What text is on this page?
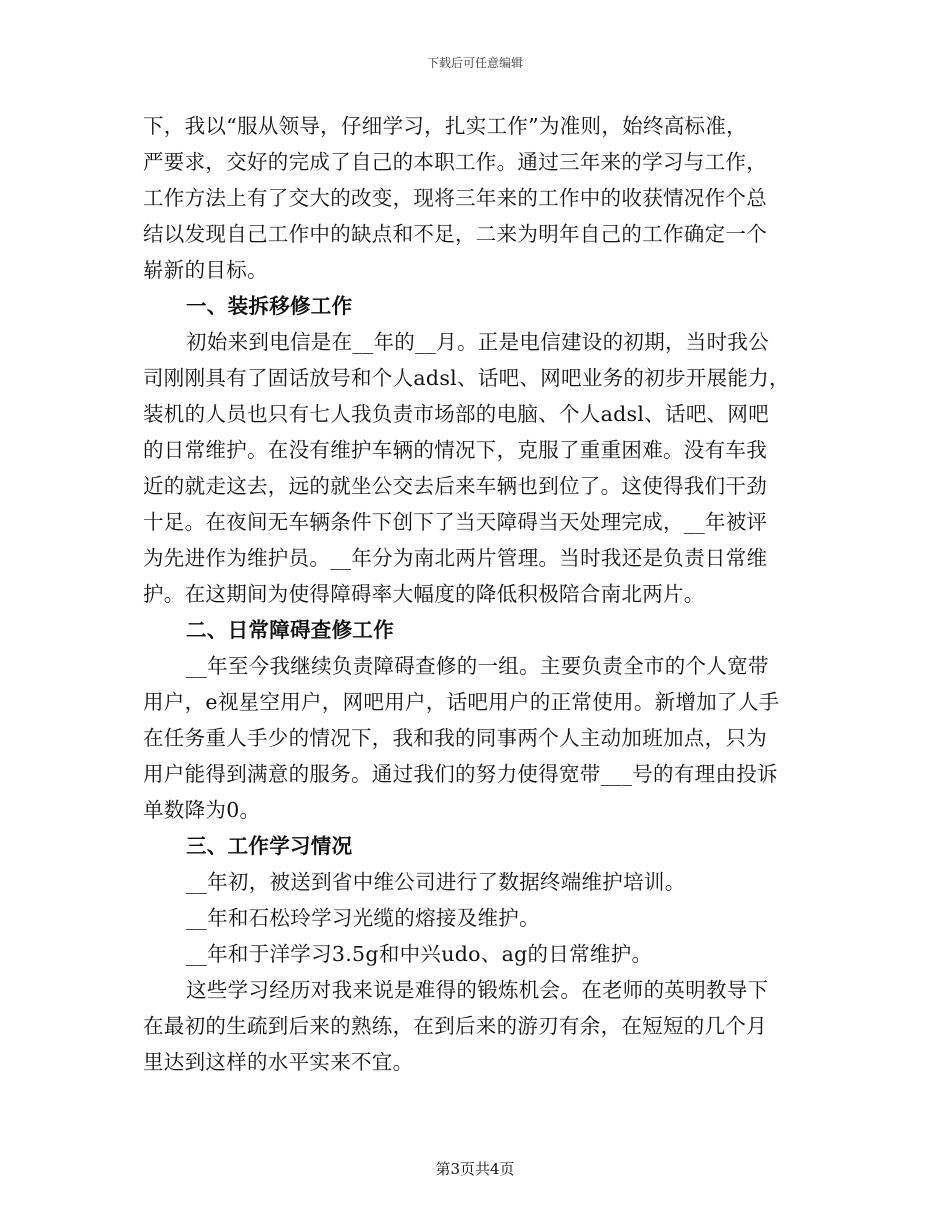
下载后可任意编辑
下，我以“服从领导，仔细学习，扎实工作”为准则，始终高标准，
严要求，交好的完成了自己的本职工作。通过三年来的学习与工作，
工作方法上有了交大的改变，现将三年来的工作中的收获情况作个总
结以发现自己工作中的缺点和不足，二来为明年自己的工作确定一个
崭新的目标。
一、装拆移修工作
初始来到电信是在__年的__月。正是电信建设的初期，当时我公
司刚刚具有了固话放号和个人adsl、话吧、网吧业务的初步开展能力，
装机的人员也只有七人我负责市场部的电脑、个人adsl、话吧、网吧
的日常维护。在没有维护车辆的情况下，克服了重重困难。没有车我
近的就走这去，远的就坐公交去后来车辆也到位了。这使得我们干劲
十足。在夜间无车辆条件下创下了当天障碍当天处理完成，__年被评
为先进作为维护员。__年分为南北两片管理。当时我还是负责日常维
护。在这期间为使得障碍率大幅度的降低积极陪合南北两片。
二、日常障碍查修工作
__年至今我继续负责障碍查修的一组。主要负责全市的个人宽带
用户，e视星空用户，网吧用户，话吧用户的正常使用。新增加了人手
在任务重人手少的情况下，我和我的同事两个人主动加班加点，只为
用户能得到满意的服务。通过我们的努力使得宽带___号的有理由投诉
单数降为0。
三、工作学习情况
__年初，被送到省中维公司进行了数据终端维护培训。
__年和石松玲学习光缆的熔接及维护。
__年和于洋学习3.5g和中兴udo、ag的日常维护。
这些学习经历对我来说是难得的锻炼机会。在老师的英明教导下
在最初的生疏到后来的熟练，在到后来的游刃有余，在短短的几个月
里达到这样的水平实来不宜。
第3页共4页
